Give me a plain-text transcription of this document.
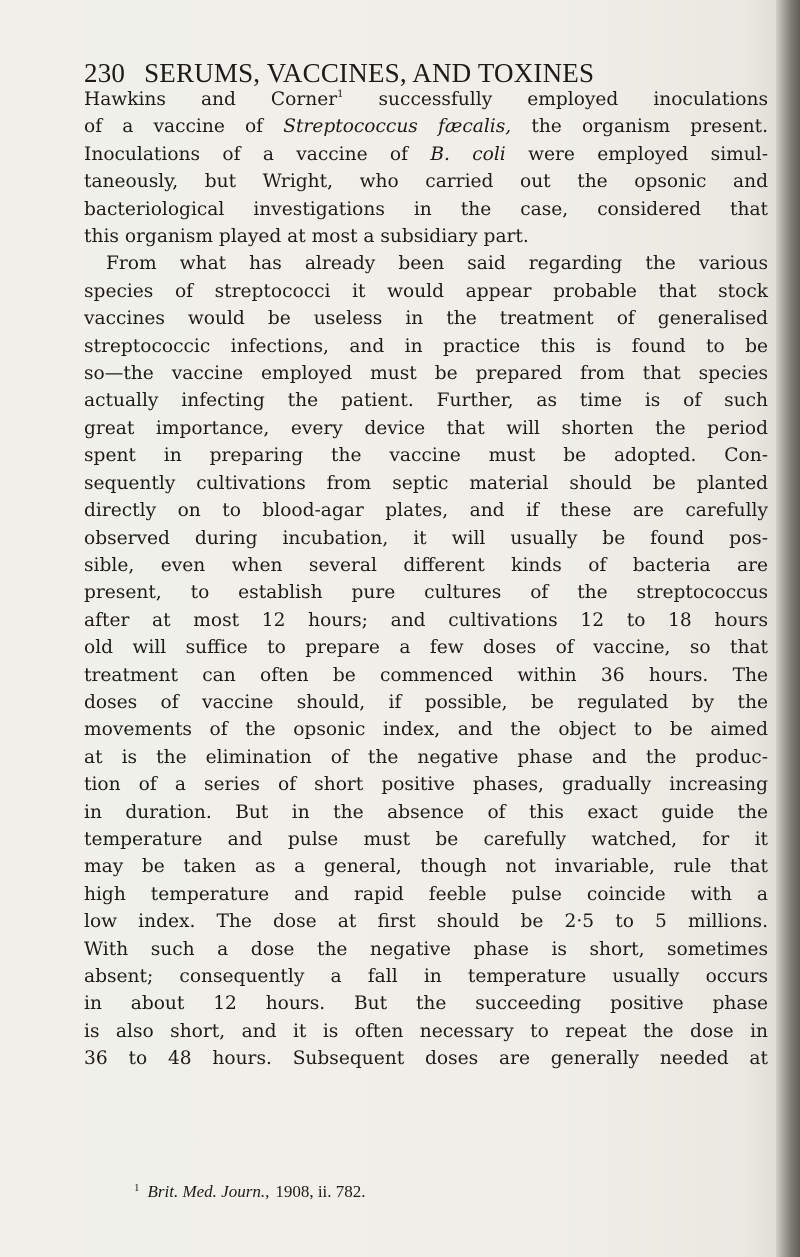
230 SERUMS, VACCINES, AND TOXINES
Hawkins and Corner$^1$ successfully employed inoculations
of a vaccine of Streptococcus fæcalis, the organism present.
Inoculations of a vaccine of B. coli were employed simul-
taneously, but Wright, who carried out the opsonic and
bacteriological investigations in the case, considered that
this organism played at most a subsidiary part.
From what has already been said regarding the various
species of streptococci it would appear probable that stock
vaccines would be useless in the treatment of generalised
streptococcic infections, and in practice this is found to be
so—the vaccine employed must be prepared from that species
actually infecting the patient. Further, as time is of such
great importance, every device that will shorten the period
spent in preparing the vaccine must be adopted. Con-
sequently cultivations from septic material should be planted
directly on to blood-agar plates, and if these are carefully
observed during incubation, it will usually be found pos-
sible, even when several different kinds of bacteria are
present, to establish pure cultures of the streptococcus
after at most 12 hours; and cultivations 12 to 18 hours
old will suffice to prepare a few doses of vaccine, so that
treatment can often be commenced within 36 hours. The
doses of vaccine should, if possible, be regulated by the
movements of the opsonic index, and the object to be aimed
at is the elimination of the negative phase and the produc-
tion of a series of short positive phases, gradually increasing
in duration. But in the absence of this exact guide the
temperature and pulse must be carefully watched, for it
may be taken as a general, though not invariable, rule that
high temperature and rapid feeble pulse coincide with a
low index. The dose at first should be 2·5 to 5 millions.
With such a dose the negative phase is short, sometimes
absent; consequently a fall in temperature usually occurs
in about 12 hours. But the succeeding positive phase
is also short, and it is often necessary to repeat the dose in
36 to 48 hours. Subsequent doses are generally needed at
$^1$ Brit. Med. Journ., 1908, ii. 782.
